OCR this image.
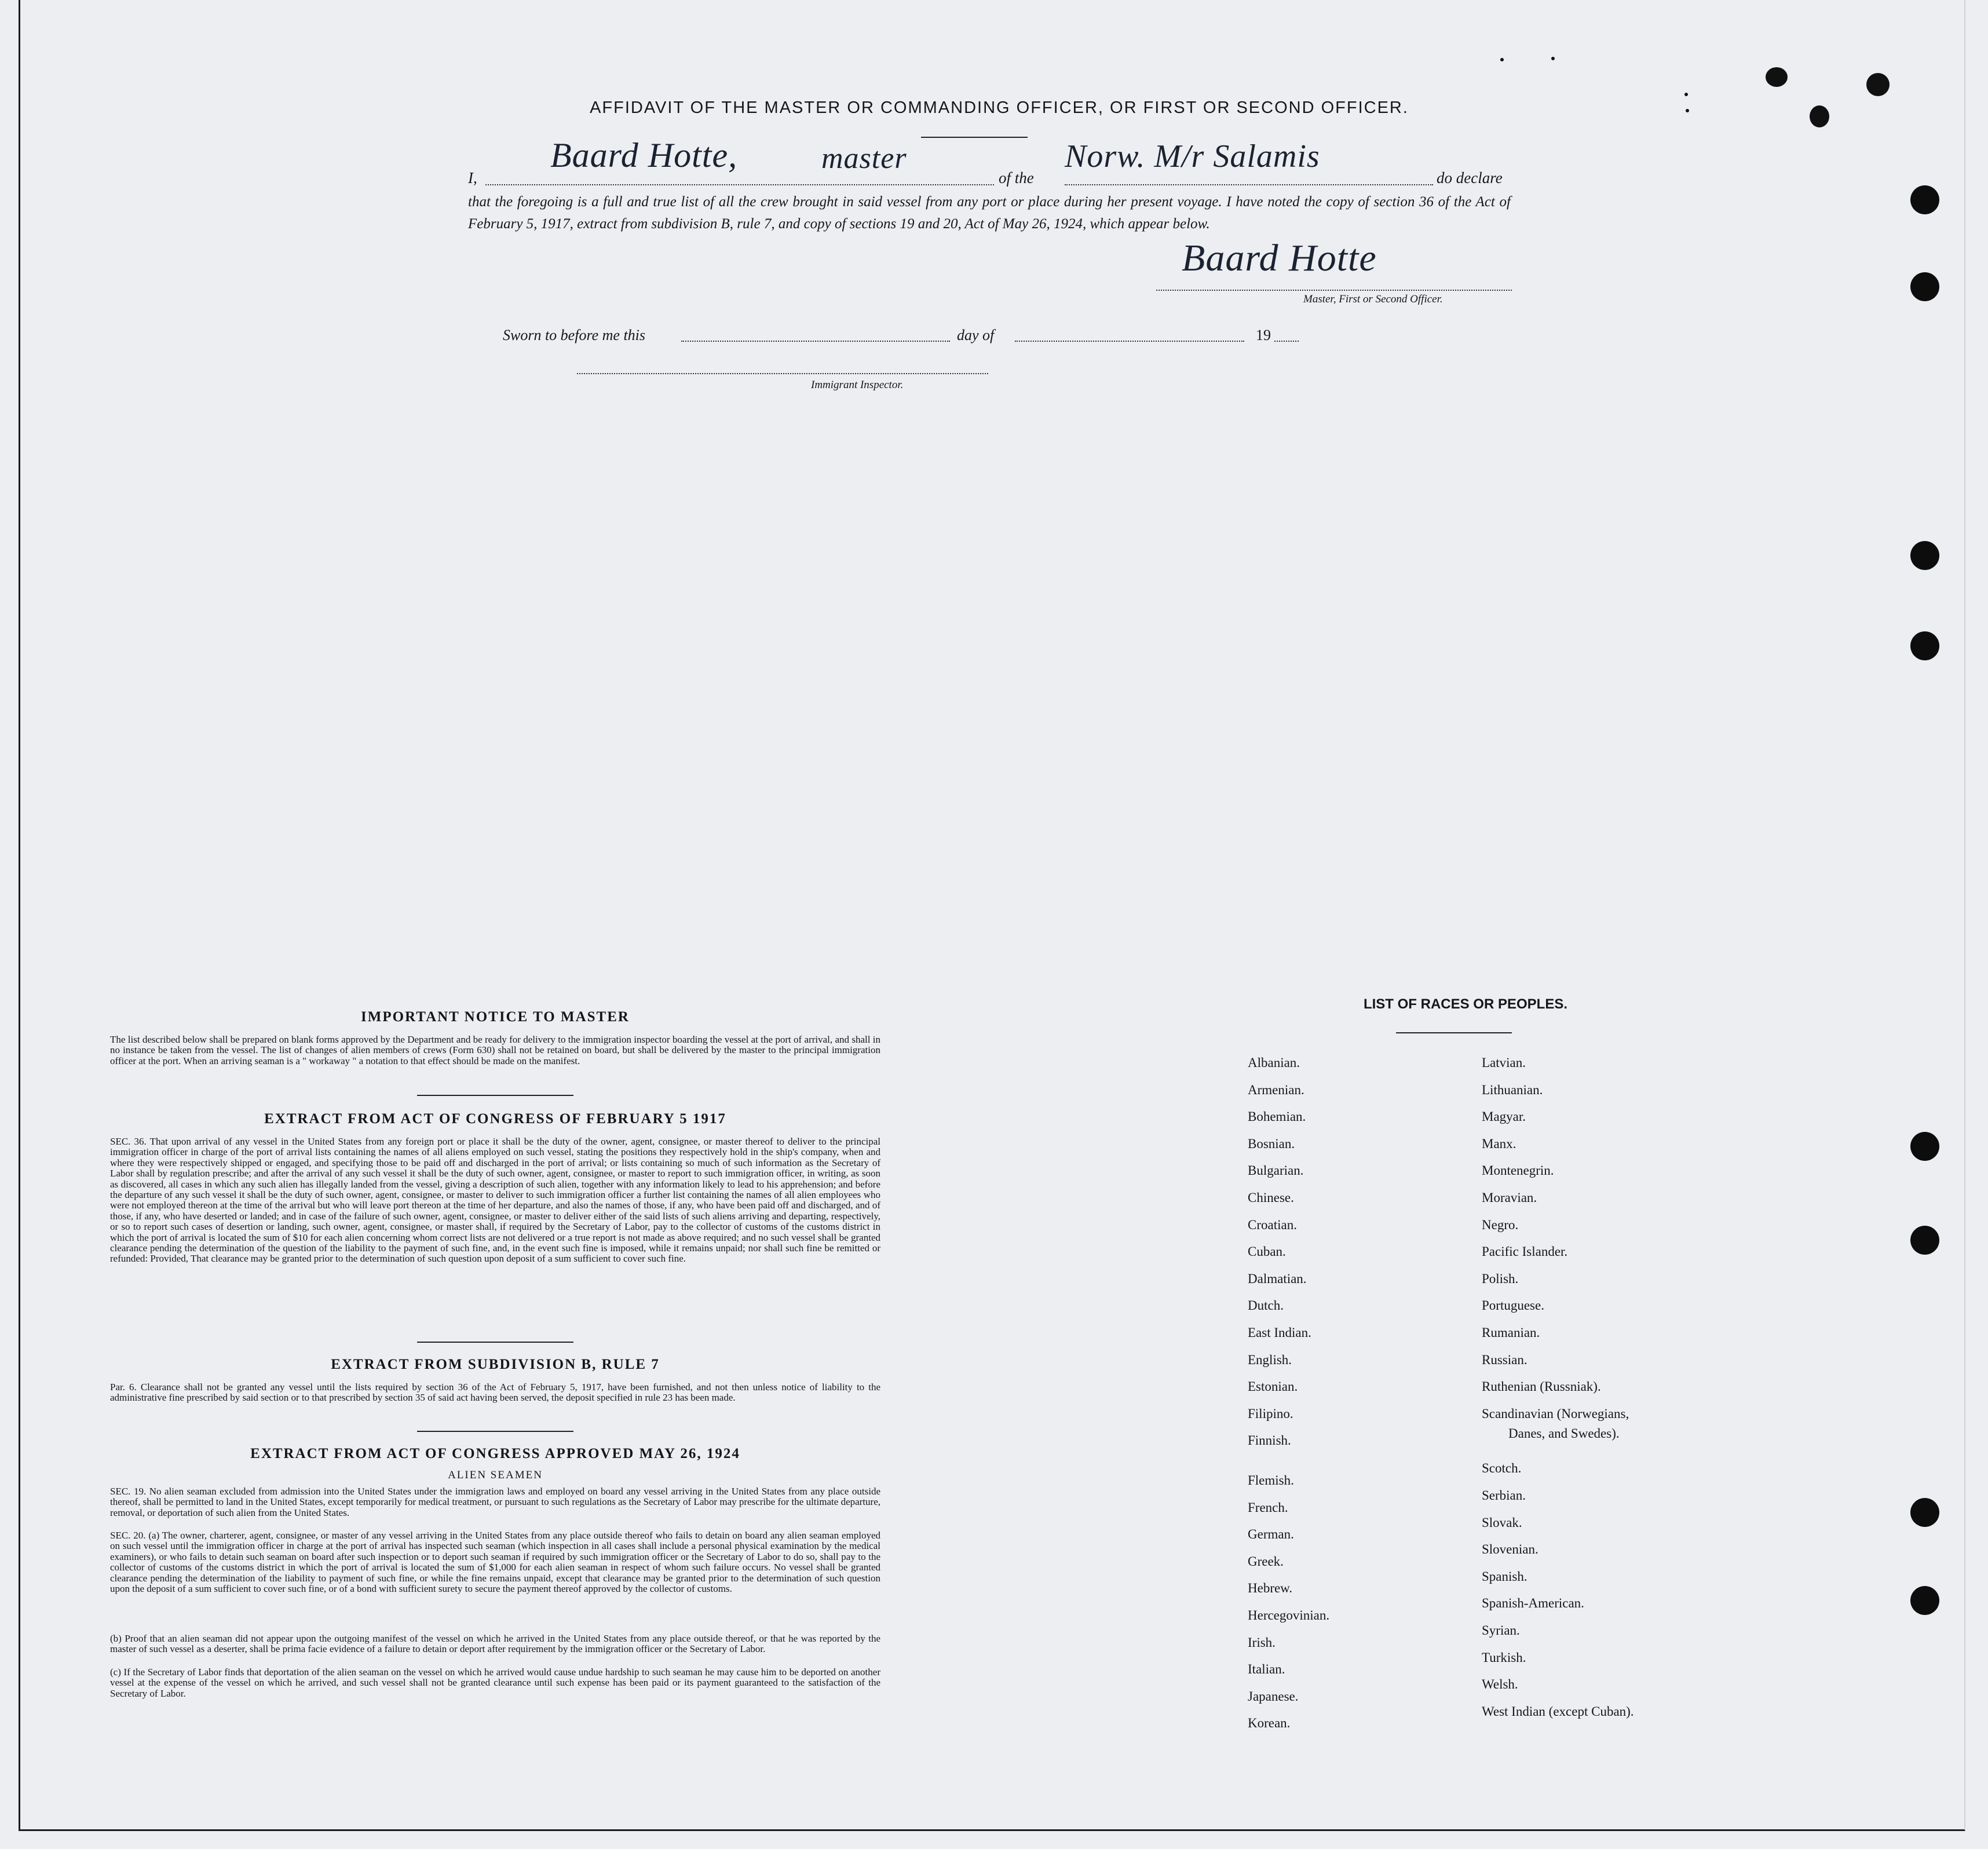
AFFIDAVIT OF THE MASTER OR COMMANDING OFFICER, OR FIRST OR SECOND OFFICER.
I,
Baard Hotte,	master
of the
Norw. M/r Salamis
do declare
that the foregoing is a full and true list of all the crew brought in said vessel from any port or place during her present voyage. I have noted the copy of section 36 of the Act of February 5, 1917, extract from subdivision B, rule 7, and copy of sections 19 and 20, Act of May 26, 1924, which appear below.
Baard Hotte
Master, First or Second Officer.
Sworn to before me this	day of	19
Immigrant Inspector.
IMPORTANT NOTICE TO MASTER
The list described below shall be prepared on blank forms approved by the Department and be ready for delivery to the immigration inspector boarding the vessel at the port of arrival, and shall in no instance be taken from the vessel. The list of changes of alien members of crews (Form 630) shall not be retained on board, but shall be delivered by the master to the principal immigration officer at the port. When an arriving seaman is a " workaway " a notation to that effect should be made on the manifest.
EXTRACT FROM ACT OF CONGRESS OF FEBRUARY 5 1917
SEC. 36. That upon arrival of any vessel in the United States from any foreign port or place it shall be the duty of the owner, agent, consignee, or master thereof to deliver to the principal immigration officer in charge of the port of arrival lists containing the names of all aliens employed on such vessel, stating the positions they respectively hold in the ship's company, when and where they were respectively shipped or engaged, and specifying those to be paid off and discharged in the port of arrival; or lists containing so much of such information as the Secretary of Labor shall by regulation prescribe; and after the arrival of any such vessel it shall be the duty of such owner, agent, consignee, or master to report to such immigration officer, in writing, as soon as discovered, all cases in which any such alien has illegally landed from the vessel, giving a description of such alien, together with any information likely to lead to his apprehension; and before the departure of any such vessel it shall be the duty of such owner, agent, consignee, or master to deliver to such immigration officer a further list containing the names of all alien employees who were not employed thereon at the time of the arrival but who will leave port thereon at the time of her departure, and also the names of those, if any, who have been paid off and discharged, and of those, if any, who have deserted or landed; and in case of the failure of such owner, agent, consignee, or master to deliver either of the said lists of such aliens arriving and departing, respectively, or so to report such cases of desertion or landing, such owner, agent, consignee, or master shall, if required by the Secretary of Labor, pay to the collector of customs of the customs district in which the port of arrival is located the sum of $10 for each alien concerning whom correct lists are not delivered or a true report is not made as above required; and no such vessel shall be granted clearance pending the determination of the question of the liability to the payment of such fine, and, in the event such fine is imposed, while it remains unpaid; nor shall such fine be remitted or refunded: Provided, That clearance may be granted prior to the determination of such question upon deposit of a sum sufficient to cover such fine.
EXTRACT FROM SUBDIVISION B, RULE 7
Par. 6. Clearance shall not be granted any vessel until the lists required by section 36 of the Act of February 5, 1917, have been furnished, and not then unless notice of liability to the administrative fine prescribed by said section or to that prescribed by section 35 of said act having been served, the deposit specified in rule 23 has been made.
EXTRACT FROM ACT OF CONGRESS APPROVED MAY 26, 1924
ALIEN SEAMEN
SEC. 19. No alien seaman excluded from admission into the United States under the immigration laws and employed on board any vessel arriving in the United States from any place outside thereof, shall be permitted to land in the United States, except temporarily for medical treatment, or pursuant to such regulations as the Secretary of Labor may prescribe for the ultimate departure, removal, or deportation of such alien from the United States.
SEC. 20. (a) The owner, charterer, agent, consignee, or master of any vessel arriving in the United States from any place outside thereof who fails to detain on board any alien seaman employed on such vessel until the immigration officer in charge at the port of arrival has inspected such seaman (which inspection in all cases shall include a personal physical examination by the medical examiners), or who fails to detain such seaman on board after such inspection or to deport such seaman if required by such immigration officer or the Secretary of Labor to do so, shall pay to the collector of customs of the customs district in which the port of arrival is located the sum of $1,000 for each alien seaman in respect of whom such failure occurs. No vessel shall be granted clearance pending the determination of the liability to payment of such fine, or while the fine remains unpaid, except that clearance may be granted prior to the determination of such question upon the deposit of a sum sufficient to cover such fine, or of a bond with sufficient surety to secure the payment thereof approved by the collector of customs.
(b) Proof that an alien seaman did not appear upon the outgoing manifest of the vessel on which he arrived in the United States from any place outside thereof, or that he was reported by the master of such vessel as a deserter, shall be prima facie evidence of a failure to detain or deport after requirement by the immigration officer or the Secretary of Labor.
(c) If the Secretary of Labor finds that deportation of the alien seaman on the vessel on which he arrived would cause undue hardship to such seaman he may cause him to be deported on another vessel at the expense of the vessel on which he arrived, and such vessel shall not be granted clearance until such expense has been paid or its payment guaranteed to the satisfaction of the Secretary of Labor.
LIST OF RACES OR PEOPLES.
Albanian.
Armenian.
Bohemian.
Bosnian.
Bulgarian.
Chinese.
Croatian.
Cuban.
Dalmatian.
Dutch.
East Indian.
English.
Estonian.
Filipino.
Finnish.
Flemish.
French.
German.
Greek.
Hebrew.
Hercegovinian.
Irish.
Italian.
Japanese.
Korean.
Latvian.
Lithuanian.
Magyar.
Manx.
Montenegrin.
Moravian.
Negro.
Pacific Islander.
Polish.
Portuguese.
Rumanian.
Russian.
Ruthenian (Russniak).
Scandinavian (Norwegians,
Danes, and Swedes).
Scotch.
Serbian.
Slovak.
Slovenian.
Spanish.
Spanish-American.
Syrian.
Turkish.
Welsh.
West Indian (except Cuban).
